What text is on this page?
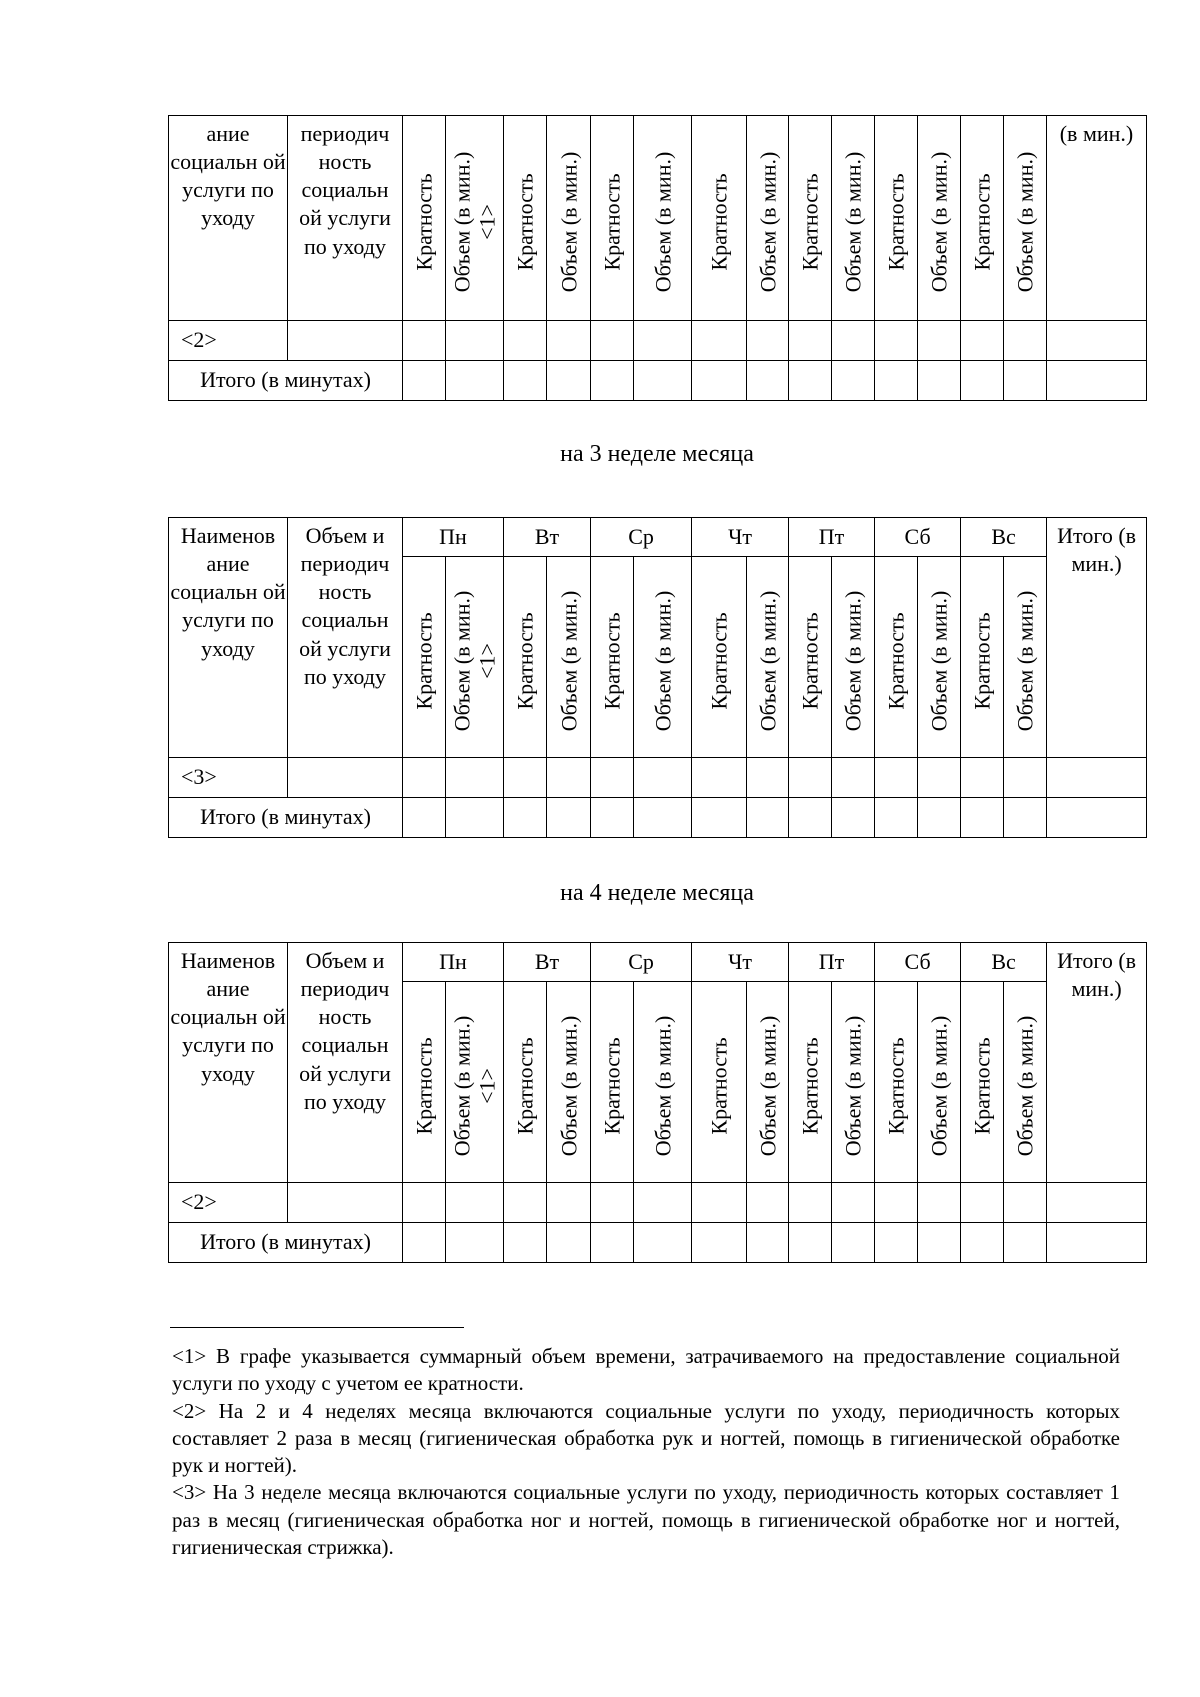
ание социальн ой услуги по уходу	периодич ность социальн ой услуги по уходу	Кратность	Объем (в мин.) <1>	Кратность	Объем (в мин.)	Кратность	Объем (в мин.)	Кратность	Объем (в мин.)	Кратность	Объем (в мин.)	Кратность	Объем (в мин.)	Кратность	Объем (в мин.)	(в мин.)
<2>																
Итого (в минутах)																
на 3 неделе месяца
Наименов ание социальн ой услуги по уходу	Объем и периодич ность социальн ой услуги по уходу	Пн		Вт		Ср		Чт		Пт		Сб		Вс		Итого (в мин.)

		Кратность	Объем (в мин.) <1>	Кратность	Объем (в мин.)	Кратность	Объем (в мин.)	Кратность	Объем (в мин.)	Кратность	Объем (в мин.)	Кратность	Объем (в мин.)	Кратность	Объем (в мин.)	

<3>																
Итого (в минутах)																
на 4 неделе месяца
Наименов ание социальн ой услуги по уходу	Объем и периодич ность социальн ой услуги по уходу	Пн		Вт		Ср		Чт		Пт		Сб		Вс		Итого (в мин.)

		Кратность	Объем (в мин.) <1>	Кратность	Объем (в мин.)	Кратность	Объем (в мин.)	Кратность	Объем (в мин.)	Кратность	Объем (в мин.)	Кратность	Объем (в мин.)	Кратность	Объем (в мин.)	

<2>																
Итого (в минутах)																

<1> В графе указывается суммарный объем времени, затрачиваемого на предоставление социальной услуги по уходу с учетом ее кратности.

<2> На 2 и 4 неделях месяца включаются социальные услуги по уходу, периодичность которых составляет 2 раза в месяц (гигиеническая обработка рук и ногтей, помощь в гигиенической обработке рук и ногтей).

<3> На 3 неделе месяца включаются социальные услуги по уходу, периодичность которых составляет 1 раз в месяц (гигиеническая обработка ног и ногтей, помощь в гигиенической обработке ног и ногтей, гигиеническая стрижка).
